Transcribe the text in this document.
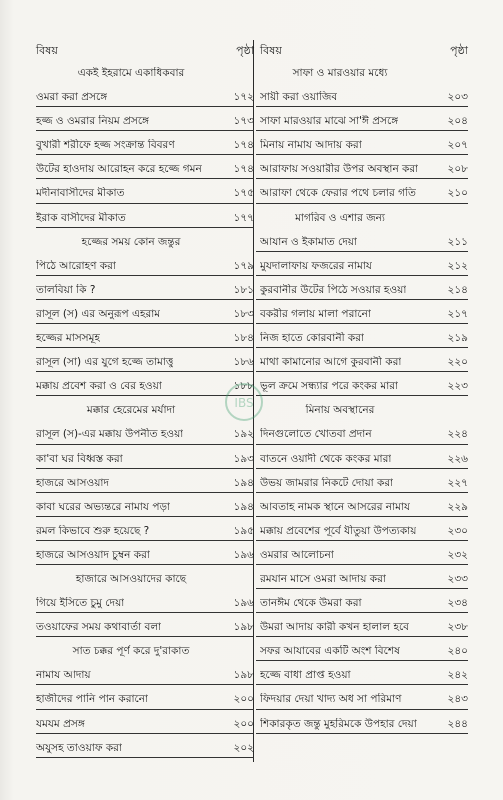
বিষয়	পৃষ্ঠা
একই ইহরামে একাধিকবার
ওমরা করা প্রসঙ্গে	১৭২
হজ্জ ও ওমরার নিয়ম প্রসঙ্গে	১৭৩
বুখারী শরীফে হজ্জ সংক্রান্ত বিবরণ	১৭৪
উটের হাওদায় আরোহন করে হজ্জে গমন	১৭৪
মদীনাবাসীদের মীকাত	১৭৫
ইরাক বাসীদের মীকাত	১৭৭
হজ্জের সময় কোন জন্তুর
পিঠে আরোহণ করা	১৭৯
তালবিয়া কি ?	১৮১
রাসূল (স) এর অনুরূপ এহরাম	১৮৩
হজ্জের মাসসমূহ	১৮৪
রাসূল (সা) এর যুগে হজ্জে তামাত্তু	১৮৬
মক্কায় প্রবেশ করা ও বের হওয়া	১৮৮
মক্কার হেরেমের মর্যাদা
রাসূল (স)-এর মক্কায় উপনীত হওয়া	১৯২
কা'বা ঘর বিধ্বস্ত করা	১৯৩
হাজরে আসওয়াদ	১৯৪
কাবা ঘরের অভ্যন্তরে নামায পড়া	১৯৪
রমল কিভাবে শুরু হয়েছে ?	১৯৫
হাজরে আসওয়াদ চুম্বন করা	১৯৬
হাজারে আসওয়াদের কাছে
গিয়ে ইসিতে চুমু দেয়া	১৯৬
তওয়াফের সময় কথাবার্তা বলা	১৯৮
সাত চক্কর পূর্ণ করে দু'রাকাত
নামায আদায়	১৯৮
হাজীদের পানি পান করানো	২০০
যমযম প্রসঙ্গ	২০০
অযুসহ তাওয়াফ করা	২০২
বিষয়	পৃষ্ঠা
সাফা ও মারওয়ার মধ্যে
সায়ী করা ওয়াজিব	২০৩
সাফা মারওয়ার মাঝে সা'ঈ প্রসঙ্গে	২০৪
মিনায় নামায আদায় করা	২০৭
আরাফায় সওয়ারীর উপর অবস্থান করা	২০৮
আরাফা থেকে ফেরার পথে চলার গতি	২১০
মাগরিব ও এশার জন্য
আযান ও ইকামাত দেয়া	২১১
মুযদালাফায় ফজরের নামায	২১২
কুরবানীর উটের পিঠে সওয়ার হওয়া	২১৪
বকরীর গলায় মালা পরানো	২১৭
নিজ হাতে কোরবানী করা	২১৯
মাথা কামানোর আগে কুরবানী করা	২২০
ভূল ক্রমে সন্ধ্যার পরে কংকর মারা	২২৩
মিনায় অবস্থানের
দিনগুলোতে খোতবা প্রদান	২২৪
বাতনে ওয়াদী থেকে কংকর মারা	২২৬
উভয় জামরার নিকটে দোয়া করা	২২৭
আবতাহ নামক স্থানে আসরের নামায	২২৯
মক্কায় প্রবেশের পূর্বে যীতুয়া উপত্যকায়	২৩০
ওমরার আলোচনা	২৩২
রমযান মাসে ওমরা আদায় করা	২৩৩
তানঈম থেকে উমরা করা	২৩৪
উমরা আদায় কারী কখন হালাল হবে	২৩৮
সফর আযাবের একটি অংশ বিশেষ	২৪০
হজ্জে বাধা প্রাপ্ত হওয়া	২৪২
ফিদয়ার দেয়া খাদ্য অধ সা পরিমাণ	২৪৩
শিকারকৃত জন্তু মুহরিমকে উপহার দেয়া	২৪৪
IBS
